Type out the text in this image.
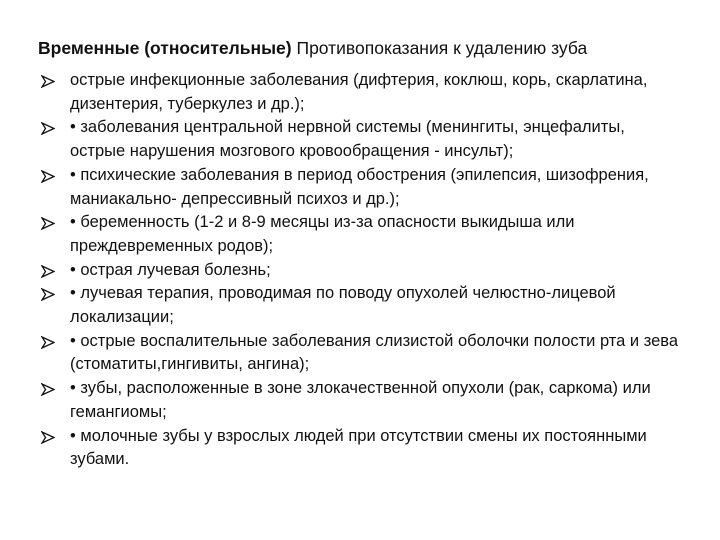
Временные (относительные) Противопоказания к удалению зуба
острые инфекционные заболевания (дифтерия, коклюш, корь, скарлатина, дизентерия, туберкулез и др.);
• заболевания центральной нервной системы (менингиты, энцефалиты, острые нарушения мозгового кровообращения - инсульт);
• психические заболевания в период обострения (эпилепсия, шизофрения, маниакально- депрессивный психоз и др.);
• беременность (1-2 и 8-9 месяцы из-за опасности выкидыша или преждевременных родов);
• острая лучевая болезнь;
• лучевая терапия, проводимая по поводу опухолей челюстно-лицевой локализации;
• острые воспалительные заболевания слизистой оболочки полости рта и зева (стоматиты,гингивиты, ангина);
• зубы, расположенные в зоне злокачественной опухоли (рак, саркома) или гемангиомы;
• молочные зубы у взрослых людей при отсутствии смены их постоянными зубами.
